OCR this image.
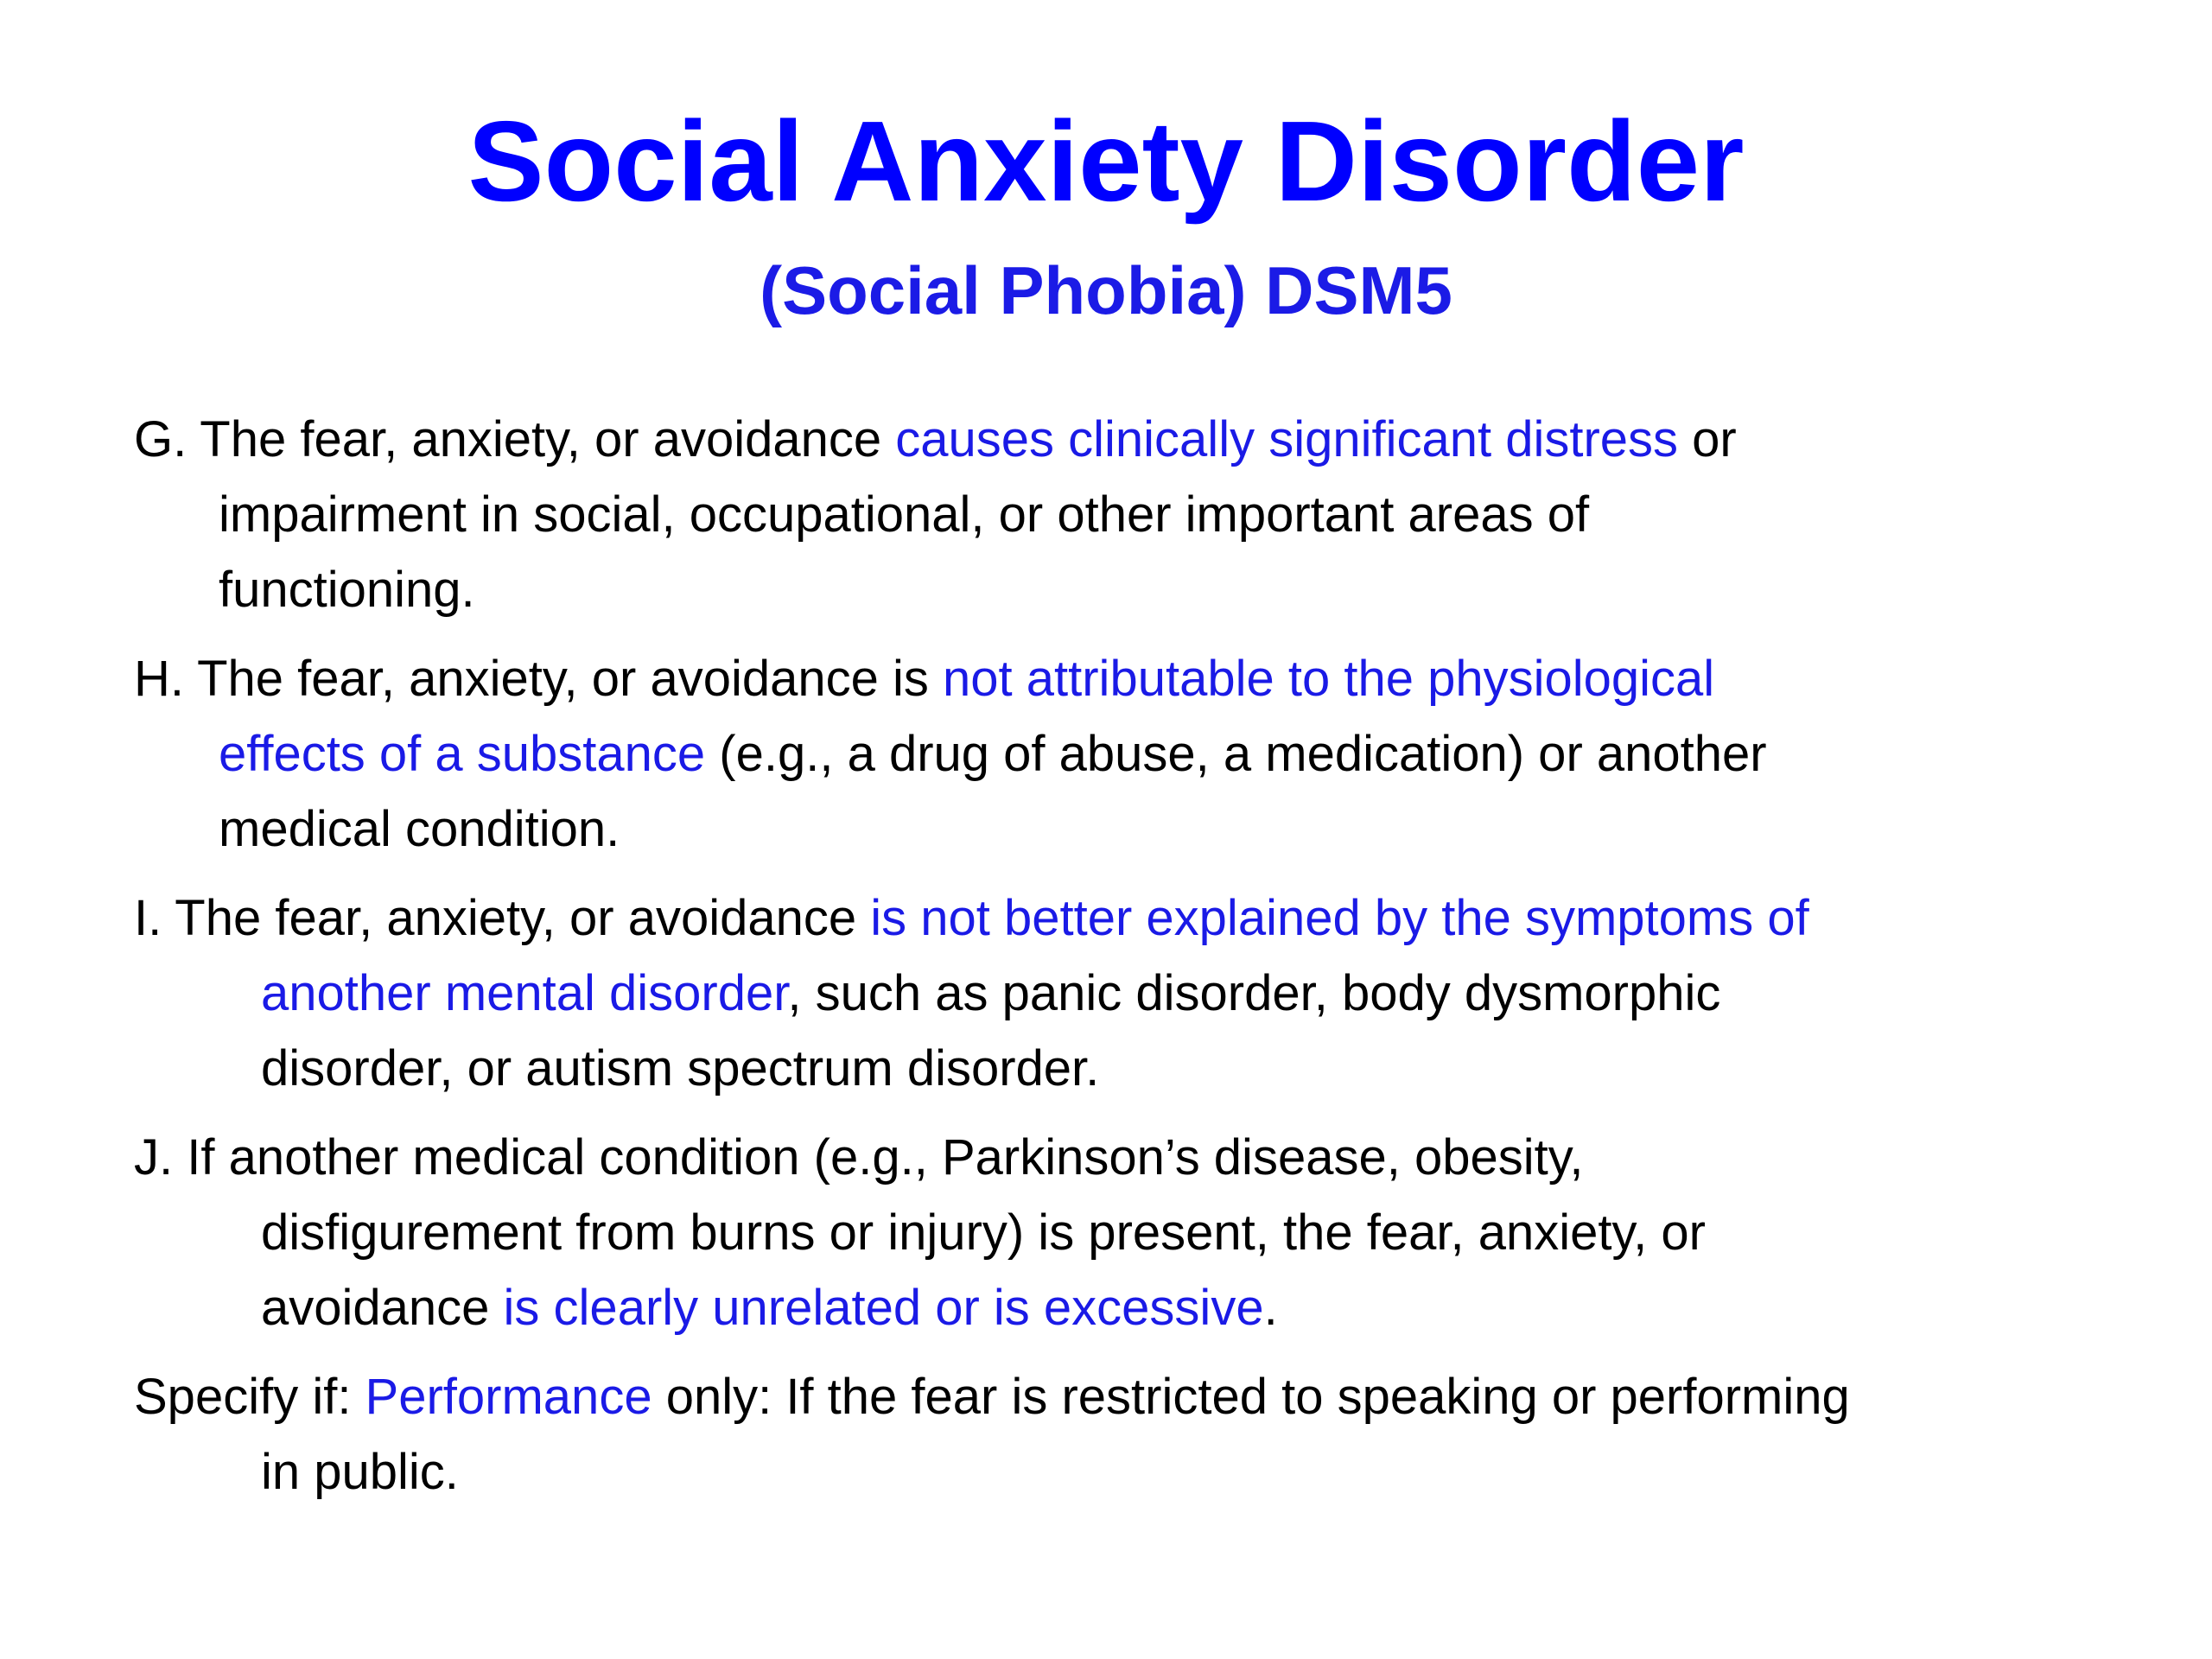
Social Anxiety Disorder
(Social Phobia) DSM5
G. The fear, anxiety, or avoidance causes clinically significant distress or
impairment in social, occupational, or other important areas of
functioning.
H. The fear, anxiety, or avoidance is not attributable to the physiological
effects of a substance (e.g., a drug of abuse, a medication) or another
medical condition.
I. The fear, anxiety, or avoidance is not better explained by the symptoms of
another mental disorder, such as panic disorder, body dysmorphic
disorder, or autism spectrum disorder.
J. If another medical condition (e.g., Parkinson’s disease, obesity,
disfigurement from burns or injury) is present, the fear, anxiety, or
avoidance is clearly unrelated or is excessive.
Specify if: Performance only: If the fear is restricted to speaking or performing
in public.
